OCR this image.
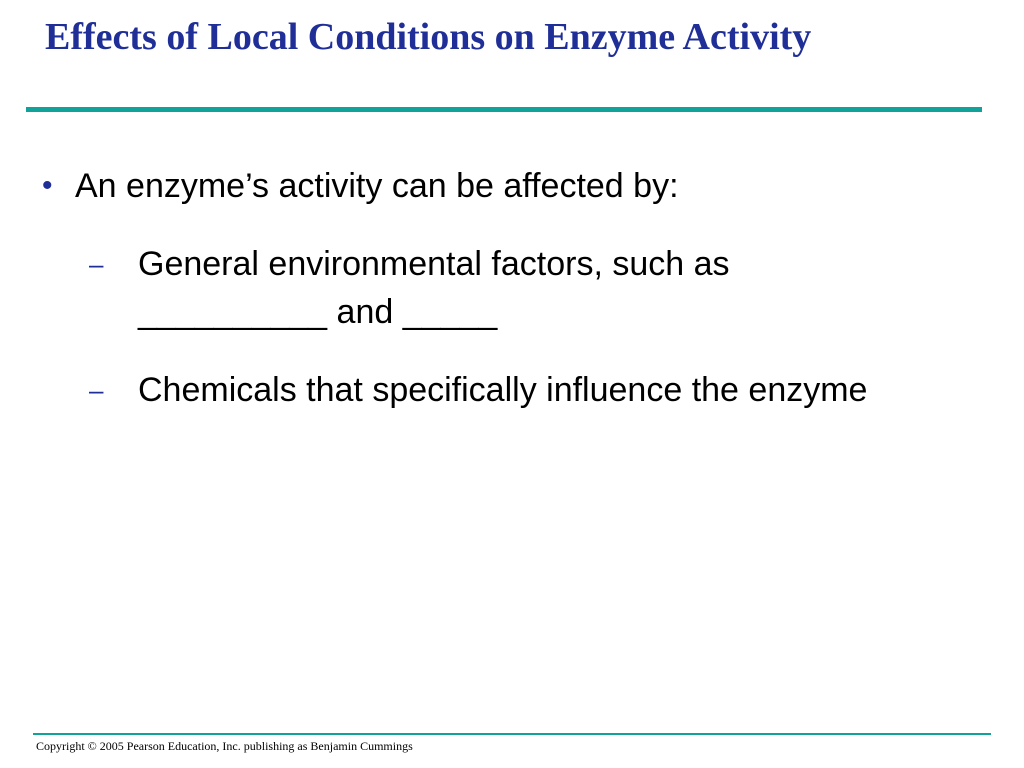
Effects of Local Conditions on Enzyme Activity
• An enzyme’s activity can be affected by:
– General environmental factors, such as __________ and _____
– Chemicals that specifically influence the enzyme
Copyright © 2005 Pearson Education, Inc. publishing as Benjamin Cummings
